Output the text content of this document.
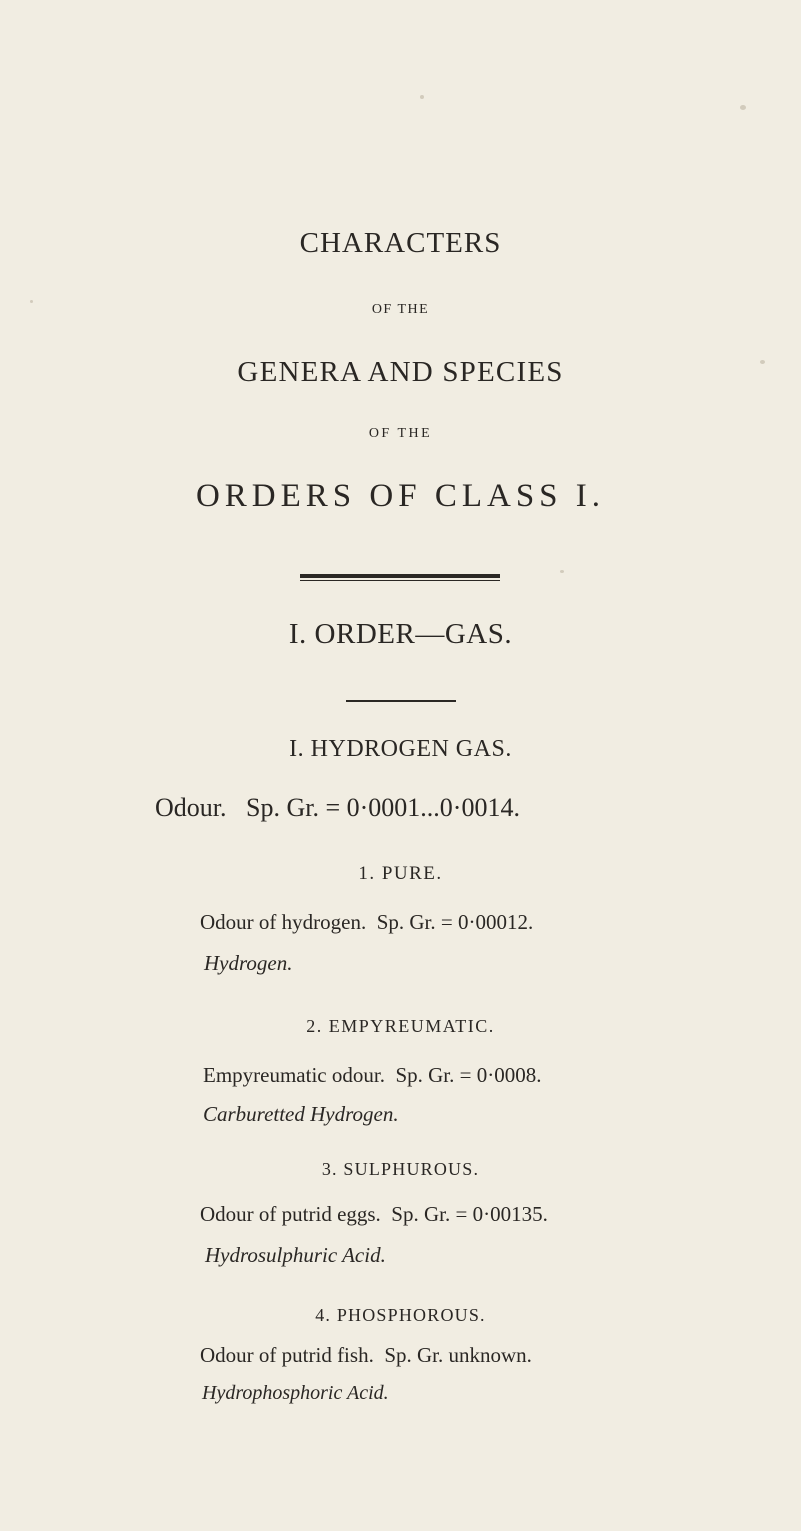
CHARACTERS
OF THE
GENERA AND SPECIES
OF THE
ORDERS OF CLASS I.
I. ORDER—GAS.
I. HYDROGEN GAS.
Odour.   Sp. Gr. = 0·0001...0·0014.
1. PURE.
Odour of hydrogen.  Sp. Gr. = 0·00012.
Hydrogen.
2. EMPYREUMATIC.
Empyreumatic odour.  Sp. Gr. = 0·0008.
Carburetted Hydrogen.
3. SULPHUROUS.
Odour of putrid eggs.  Sp. Gr. = 0·00135.
Hydrosulphuric Acid.
4. PHOSPHOROUS.
Odour of putrid fish.  Sp. Gr. unknown.
Hydrophosphoric Acid.
